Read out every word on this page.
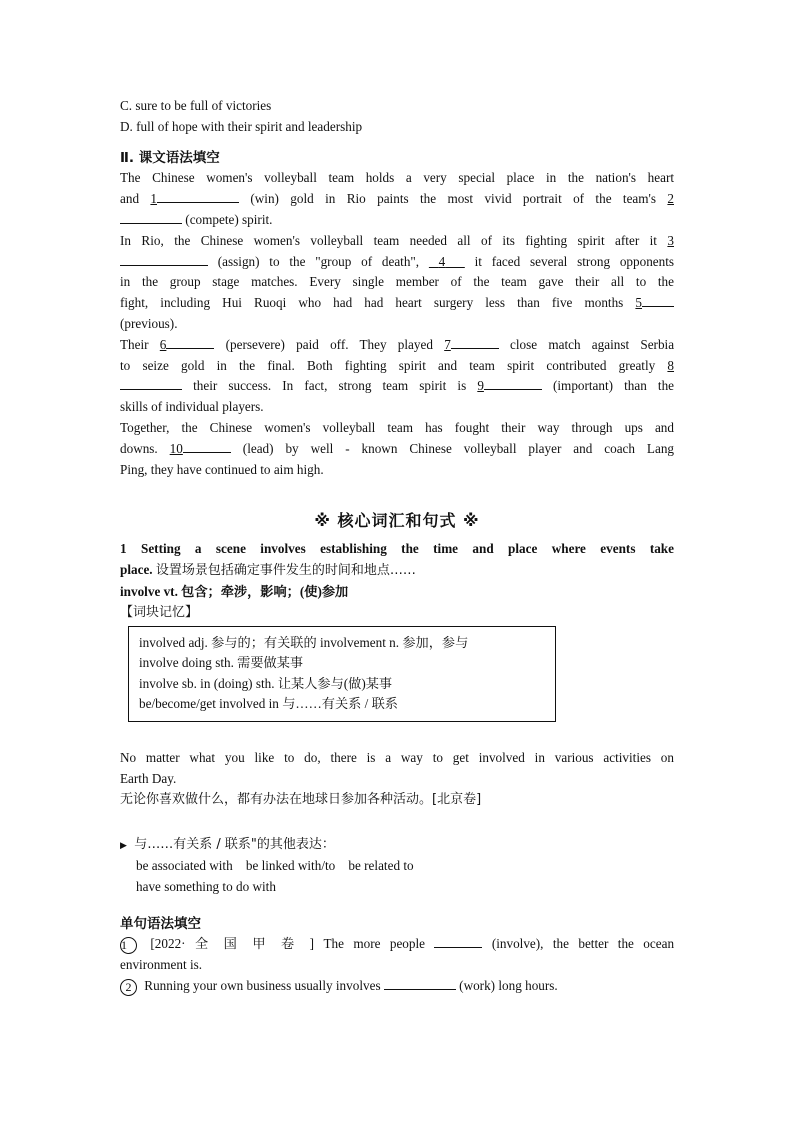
C. sure to be full of victories
D. full of hope with their spirit and leadership
Ⅱ. 课文语法填空
The Chinese women's volleyball team holds a very special place in the nation's heart
and 1	(win) gold in Rio paints the most vivid portrait of the team's 2
(compete) spirit.
In Rio, the Chinese women's volleyball team needed all of its fighting spirit after it 3
(assign) to the "group of death", 4 it faced several strong opponents
in the group stage matches. Every single member of the team gave their all to the
fight, including Hui Ruoqi who had had heart surgery less than five months 5
(previous).
Their 6	(persevere) paid off. They played 7	close match against Serbia
to seize gold in the final. Both fighting spirit and team spirit contributed greatly 8
their success. In fact, strong team spirit is 9	(important) than the
skills of individual players.
Together, the Chinese women's volleyball team has fought their way through ups and
downs. 10	(lead) by well - known Chinese volleyball player and coach Lang
Ping, they have continued to aim high.
※ 核心词汇和句式 ※
1 Setting a scene involves establishing the time and place where events take
place. 设置场景包括确定事件发生的时间和地点……
involve vt. 包含；牵涉，影响；(使)参加
【词块记忆】
involved adj. 参与的；有关联的 involvement n. 参加，参与
involve doing sth. 需要做某事
involve sb. in (doing) sth. 让某人参与(做)某事
be/become/get involved in 与……有关系 / 联系
No matter what you like to do, there is a way to get involved in various activities on
Earth Day.
无论你喜欢做什么，都有办法在地球日参加各种活动。[北京卷]
▶ 与……有关系 / 联系"的其他表达：
be associated with    be linked with/to    be related to
have something to do with
单句语法填空
1 [2022· 全 国 甲 卷 ] The more people	(involve), the better the ocean
environment is.
2 Running your own business usually involves	(work) long hours.
